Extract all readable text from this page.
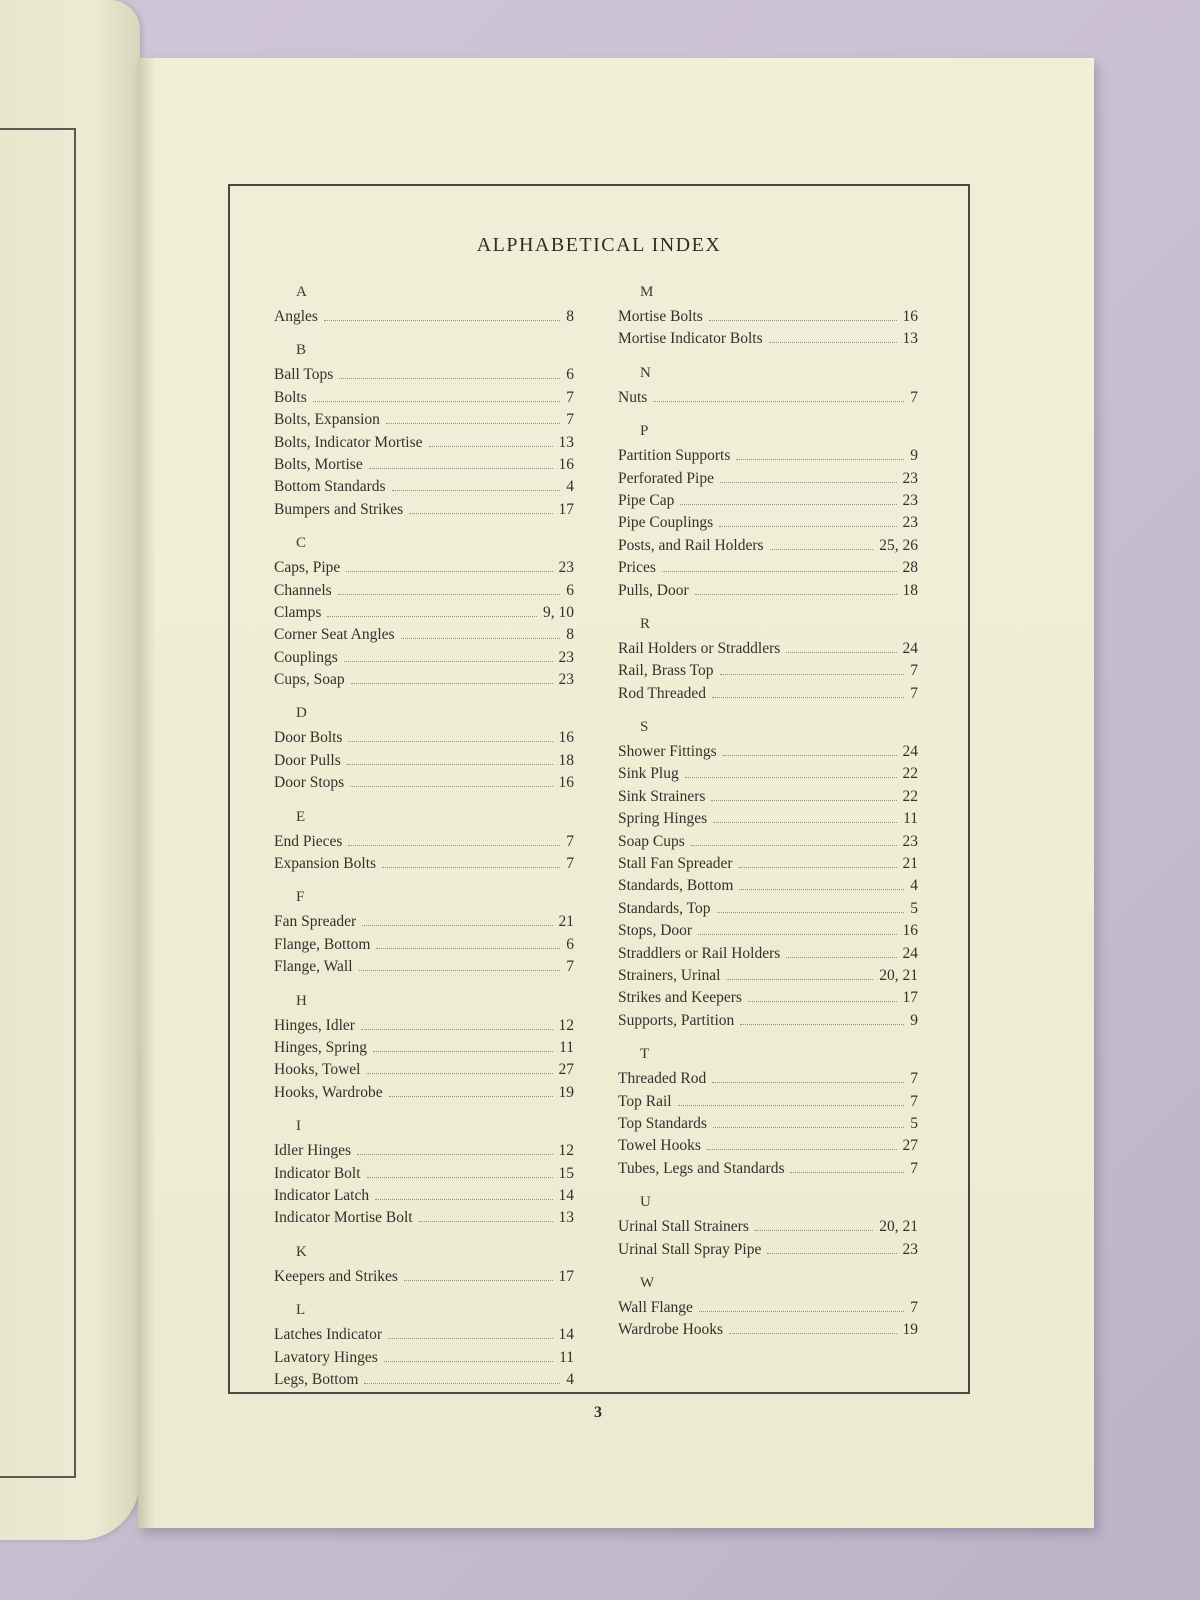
ALPHABETICAL INDEX
A
Angles	8
B
Ball Tops	6
Bolts	7
Bolts, Expansion	7
Bolts, Indicator Mortise	13
Bolts, Mortise	16
Bottom Standards	4
Bumpers and Strikes	17
C
Caps, Pipe	23
Channels	6
Clamps	9, 10
Corner Seat Angles	8
Couplings	23
Cups, Soap	23
D
Door Bolts	16
Door Pulls	18
Door Stops	16
E
End Pieces	7
Expansion Bolts	7
F
Fan Spreader	21
Flange, Bottom	6
Flange, Wall	7
H
Hinges, Idler	12
Hinges, Spring	11
Hooks, Towel	27
Hooks, Wardrobe	19
I
Idler Hinges	12
Indicator Bolt	15
Indicator Latch	14
Indicator Mortise Bolt	13
K
Keepers and Strikes	17
L
Latches Indicator	14
Lavatory Hinges	11
Legs, Bottom	4
M
Mortise Bolts	16
Mortise Indicator Bolts	13
N
Nuts	7
P
Partition Supports	9
Perforated Pipe	23
Pipe Cap	23
Pipe Couplings	23
Posts, and Rail Holders	25, 26
Prices	28
Pulls, Door	18
R
Rail Holders or Straddlers	24
Rail, Brass Top	7
Rod Threaded	7
S
Shower Fittings	24
Sink Plug	22
Sink Strainers	22
Spring Hinges	11
Soap Cups	23
Stall Fan Spreader	21
Standards, Bottom	4
Standards, Top	5
Stops, Door	16
Straddlers or Rail Holders	24
Strainers, Urinal	20, 21
Strikes and Keepers	17
Supports, Partition	9
T
Threaded Rod	7
Top Rail	7
Top Standards	5
Towel Hooks	27
Tubes, Legs and Standards	7
U
Urinal Stall Strainers	20, 21
Urinal Stall Spray Pipe	23
W
Wall Flange	7
Wardrobe Hooks	19
3
